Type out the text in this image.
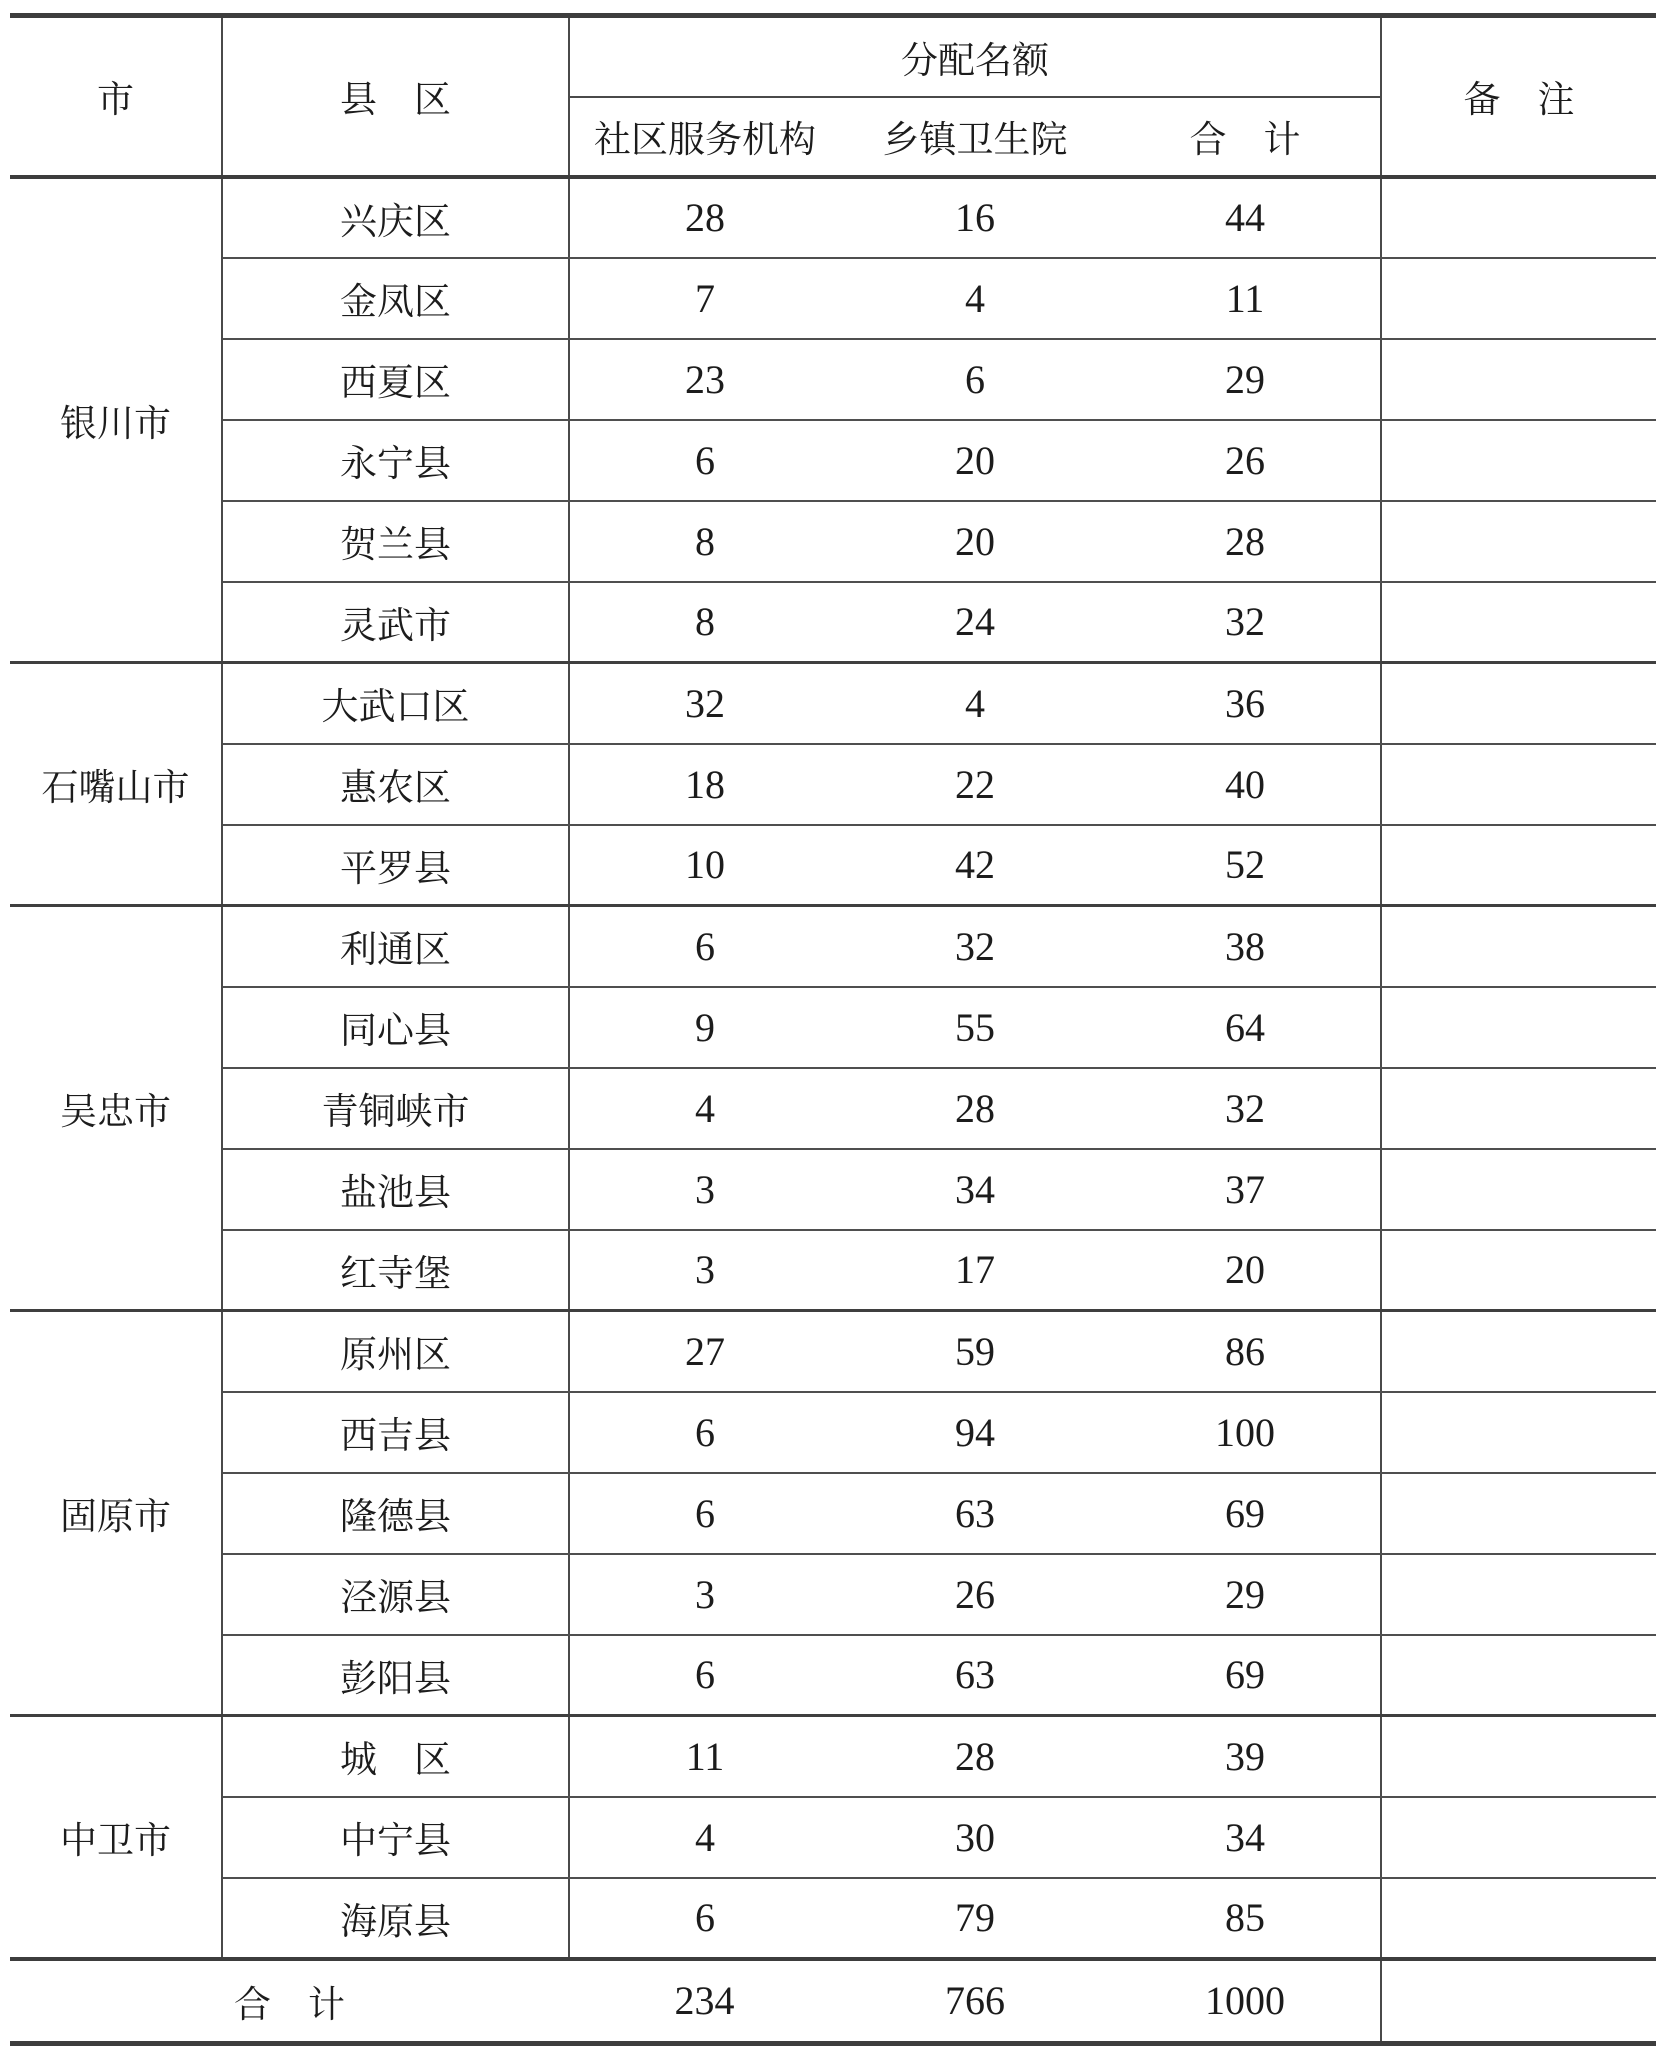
市	县　区	分配名额			备　注
		社区服务机构	乡镇卫生院	合　计	
银川市	兴庆区	28	16	44	
	金凤区	7	4	11	
	西夏区	23	6	29	
	永宁县	6	20	26	
	贺兰县	8	20	28	
	灵武市	8	24	32	
石嘴山市	大武口区	32	4	36	
	惠农区	18	22	40	
	平罗县	10	42	52	
吴忠市	利通区	6	32	38	
	同心县	9	55	64	
	青铜峡市	4	28	32	
	盐池县	3	34	37	
	红寺堡	3	17	20	
固原市	原州区	27	59	86	
	西吉县	6	94	100	
	隆德县	6	63	69	
	泾源县	3	26	29	
	彭阳县	6	63	69	
中卫市	城　区	11	28	39	
	中宁县	4	30	34	
	海原县	6	79	85	
合　计		234	766	1000	
